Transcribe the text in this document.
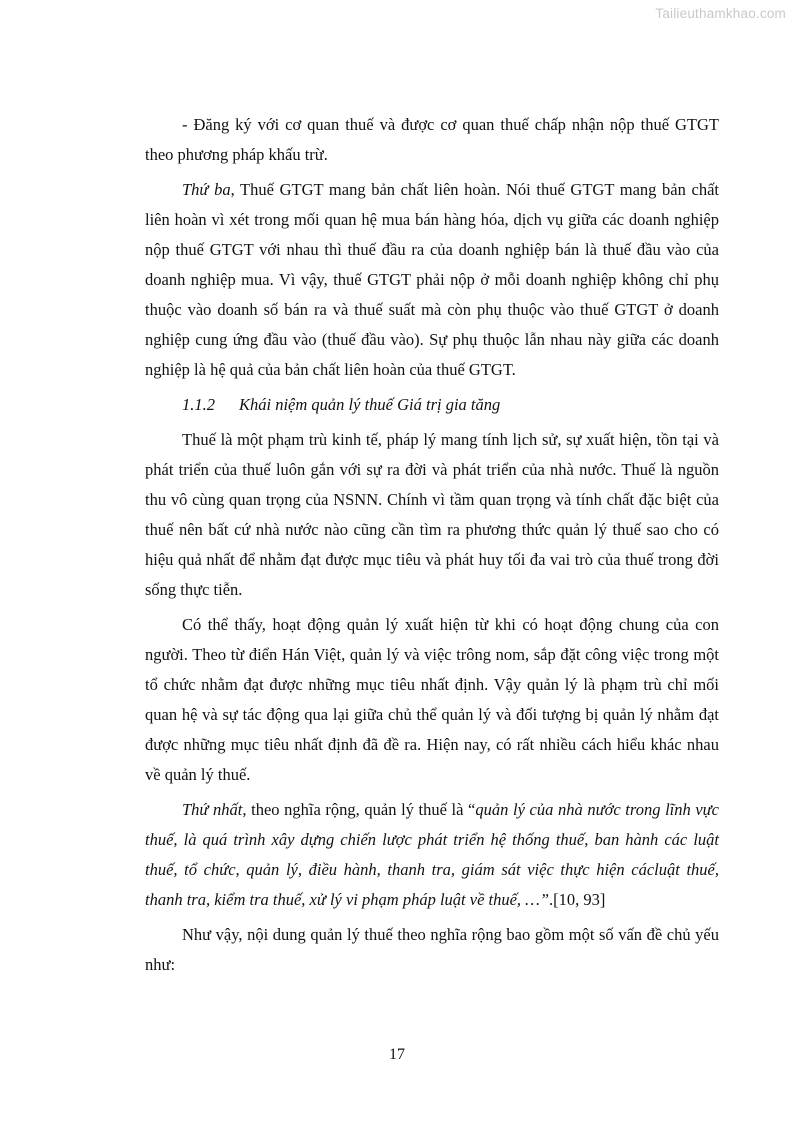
Tailieuthamkhao.com

- Đăng ký với cơ quan thuế và được cơ quan thuế chấp nhận nộp thuế GTGT theo phương pháp khấu trừ.

Thứ ba, Thuế GTGT mang bản chất liên hoàn. Nói thuế GTGT mang bản chất liên hoàn vì xét trong mối quan hệ mua bán hàng hóa, dịch vụ giữa các doanh nghiệp nộp thuế GTGT với nhau thì thuế đầu ra của doanh nghiệp bán là thuế đầu vào của doanh nghiệp mua. Vì vậy, thuế GTGT phải nộp ở mỗi doanh nghiệp không chỉ phụ thuộc vào doanh số bán ra và thuế suất mà còn phụ thuộc vào thuế GTGT ở doanh nghiệp cung ứng đầu vào (thuế đầu vào). Sự phụ thuộc lẫn nhau này giữa các doanh nghiệp là hệ quả của bản chất liên hoàn của thuế GTGT.

1.1.2 Khái niệm quản lý thuế Giá trị gia tăng

Thuế là một phạm trù kinh tế, pháp lý mang tính lịch sử, sự xuất hiện, tồn tại và phát triển của thuế luôn gắn với sự ra đời và phát triển của nhà nước. Thuế là nguồn thu vô cùng quan trọng của NSNN. Chính vì tầm quan trọng và tính chất đặc biệt của thuế nên bất cứ nhà nước nào cũng cần tìm ra phương thức quản lý thuế sao cho có hiệu quả nhất để nhằm đạt được mục tiêu và phát huy tối đa vai trò của thuế trong đời sống thực tiễn.

Có thể thấy, hoạt động quản lý xuất hiện từ khi có hoạt động chung của con người. Theo từ điển Hán Việt, quản lý và việc trông nom, sắp đặt công việc trong một tổ chức nhằm đạt được những mục tiêu nhất định. Vậy quản lý là phạm trù chỉ mối quan hệ và sự tác động qua lại giữa chủ thể quản lý và đối tượng bị quản lý nhằm đạt được những mục tiêu nhất định đã đề ra. Hiện nay, có rất nhiều cách hiểu khác nhau về quản lý thuế.

Thứ nhất, theo nghĩa rộng, quản lý thuế là “quản lý của nhà nước trong lĩnh vực thuế, là quá trình xây dựng chiến lược phát triển hệ thống thuế, ban hành các luật thuế, tổ chức, quản lý, điều hành, thanh tra, giám sát việc thực hiện cácluật thuế, thanh tra, kiểm tra thuế, xử lý vi phạm pháp luật về thuế, …”.[10, 93]

Như vậy, nội dung quản lý thuế theo nghĩa rộng bao gồm một số vấn đề chủ yếu như:

17
